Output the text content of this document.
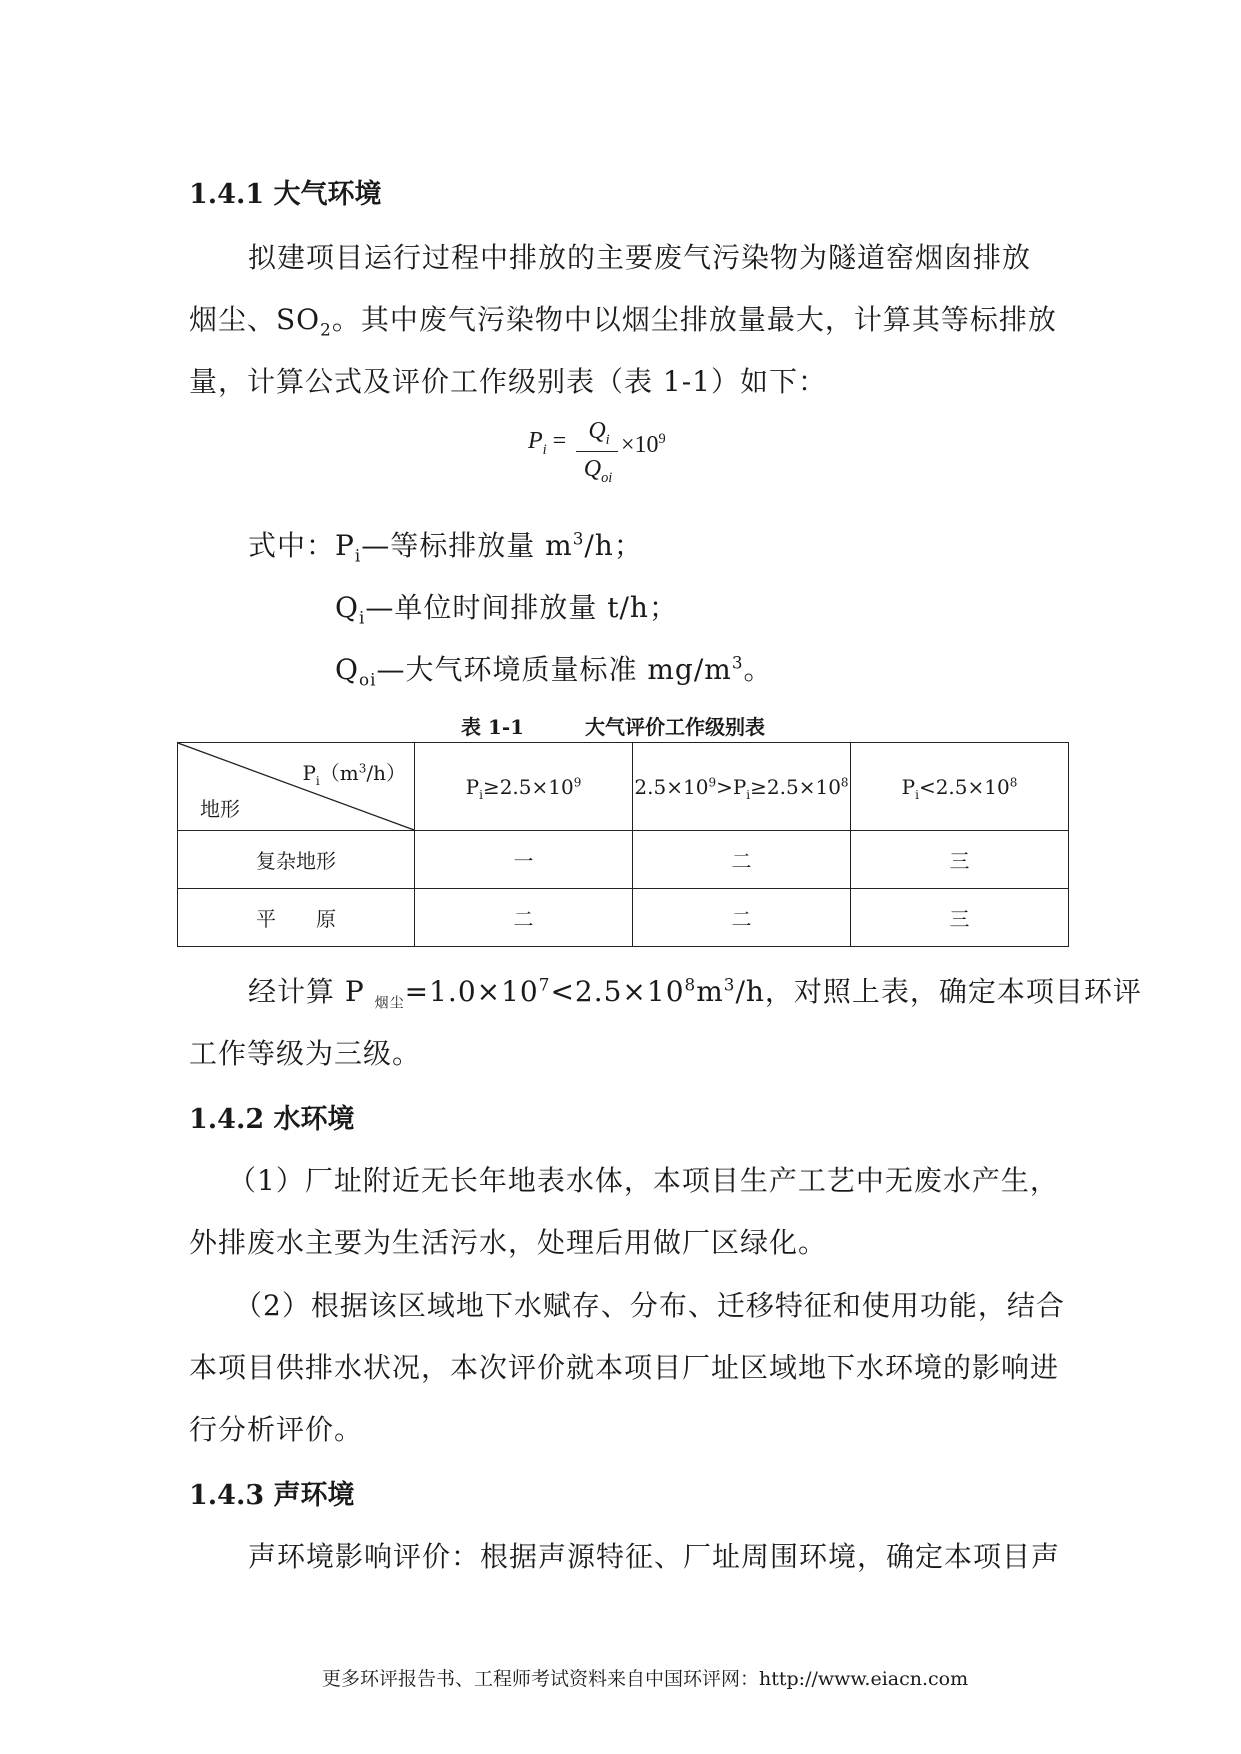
1.4.1 大气环境
拟建项目运行过程中排放的主要废气污染物为隧道窑烟囱排放
烟尘、$SO_2$。其中废气污染物中以烟尘排放量最大，计算其等标排放
量，计算公式及评价工作级别表（表 1-1）如下：
$P_i = Q_i$
$Q_{oi}$
$\times 10^9$
式中：$P_i—$等标排放量 $m^3/h$；
$Q_i—$单位时间排放量 t/h；
$Q_{oi}—$大气环境质量标准 $mg/m^3$。
表 1-1	大气评价工作级别表
$P_i(m^3/h)$
地形	$P_i\ge 2.5\times 10^9$	$2.5\times 10^9>P_i\ge 2.5\times 10^8$	$P_i<2.5\times 10^8$
复杂地形	一	二	三
平　　原	二	二	三
经计算 P $_{烟尘}=1.0\times 10^7<2.5\times 10^8m^3/h$，对照上表，确定本项目环评
工作等级为三级。
1.4.2 水环境
（1）厂址附近无长年地表水体，本项目生产工艺中无废水产生，
外排废水主要为生活污水，处理后用做厂区绿化。
（2）根据该区域地下水赋存、分布、迁移特征和使用功能，结合
本项目供排水状况，本次评价就本项目厂址区域地下水环境的影响进
行分析评价。
1.4.3 声环境
声环境影响评价：根据声源特征、厂址周围环境，确定本项目声
更多环评报告书、工程师考试资料来自中国环评网：http://www.eiacn.com
